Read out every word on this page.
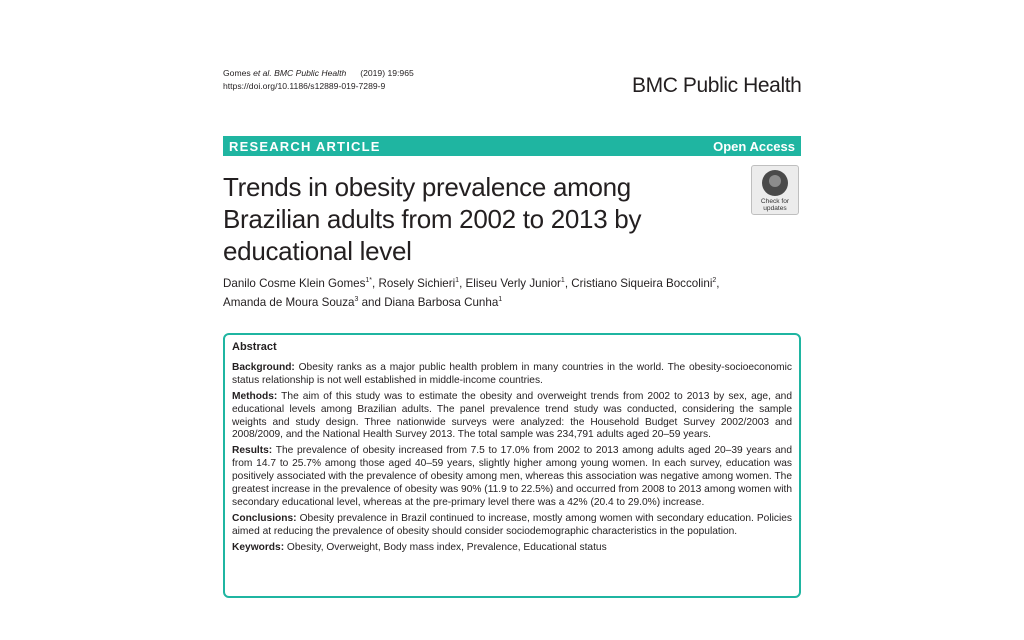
Gomes et al. BMC Public Health (2019) 19:965
https://doi.org/10.1186/s12889-019-7289-9	BMC Public Health
RESEARCH ARTICLE	Open Access
Trends in obesity prevalence among Brazilian adults from 2002 to 2013 by educational level
Check for
updates
Danilo Cosme Klein Gomes$^{1*}$, Rosely Sichieri$^1$, Eliseu Verly Junior$^1$, Cristiano Siqueira Boccolini$^2$,
Amanda de Moura Souza$^3$ and Diana Barbosa Cunha$^1$
Abstract

Background: Obesity ranks as a major public health problem in many countries in the world. The obesity-socioeconomic status relationship is not well established in middle-income countries.

Methods: The aim of this study was to estimate the obesity and overweight trends from 2002 to 2013 by sex, age, and educational levels among Brazilian adults. The panel prevalence trend study was conducted, considering the sample weights and study design. Three nationwide surveys were analyzed: the Household Budget Survey 2002/2003 and 2008/2009, and the National Health Survey 2013. The total sample was 234,791 adults aged 20–59 years.

Results: The prevalence of obesity increased from 7.5 to 17.0% from 2002 to 2013 among adults aged 20–39 years and from 14.7 to 25.7% among those aged 40–59 years, slightly higher among young women. In each survey, education was positively associated with the prevalence of obesity among men, whereas this association was negative among women. The greatest increase in the prevalence of obesity was 90% (11.9 to 22.5%) and occurred from 2008 to 2013 among women with secondary educational level, whereas at the pre-primary level there was a 42% (20.4 to 29.0%) increase.

Conclusions: Obesity prevalence in Brazil continued to increase, mostly among women with secondary education. Policies aimed at reducing the prevalence of obesity should consider sociodemographic characteristics in the population.

Keywords: Obesity, Overweight, Body mass index, Prevalence, Educational status
